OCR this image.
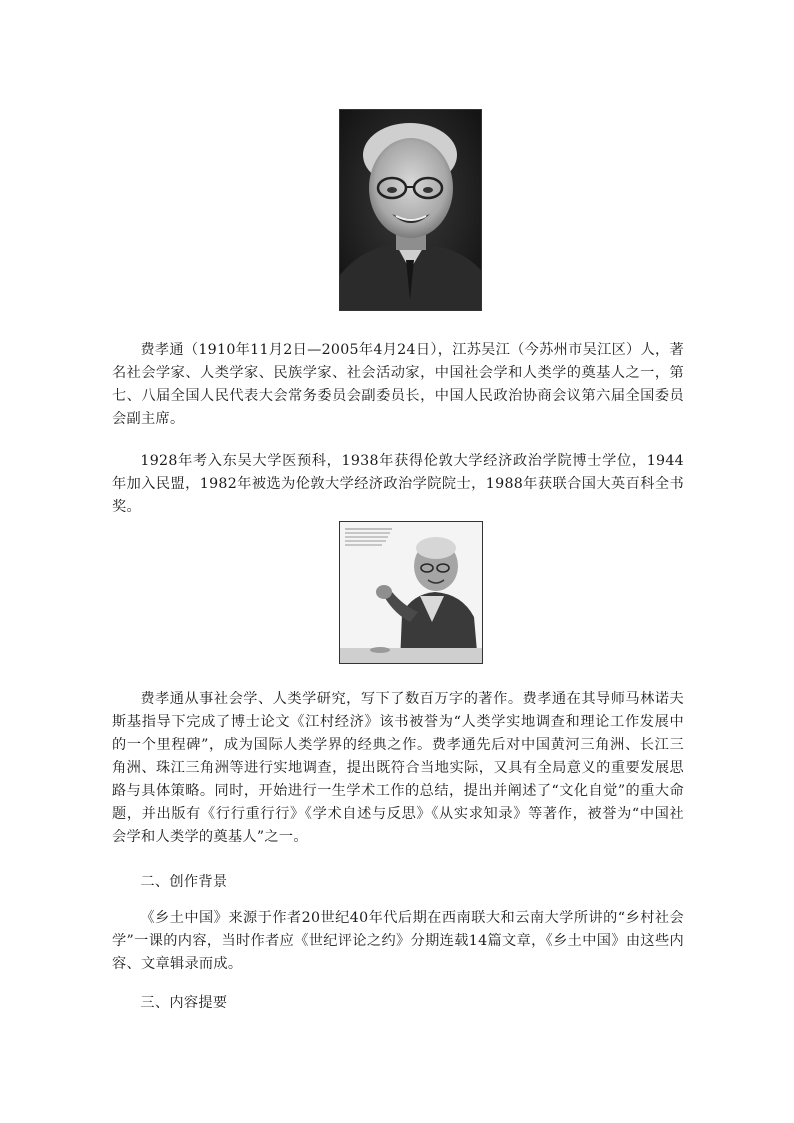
费孝通（1910年11月2日—2005年4月24日），江苏吴江（今苏州市吴江区）人，著名社会学家、人类学家、民族学家、社会活动家，中国社会学和人类学的奠基人之一，第七、八届全国人民代表大会常务委员会副委员长，中国人民政治协商会议第六届全国委员会副主席。

1928年考入东吴大学医预科，1938年获得伦敦大学经济政治学院博士学位，1944年加入民盟，1982年被选为伦敦大学经济政治学院院士，1988年获联合国大英百科全书奖。

费孝通从事社会学、人类学研究，写下了数百万字的著作。费孝通在其导师马林诺夫斯基指导下完成了博士论文《江村经济》该书被誉为“人类学实地调查和理论工作发展中的一个里程碑”，成为国际人类学界的经典之作。费孝通先后对中国黄河三角洲、长江三角洲、珠江三角洲等进行实地调查，提出既符合当地实际，又具有全局意义的重要发展思路与具体策略。同时，开始进行一生学术工作的总结，提出并阐述了“文化自觉”的重大命题，并出版有《行行重行行》《学术自述与反思》《从实求知录》等著作，被誉为“中国社会学和人类学的奠基人”之一。

二、创作背景

《乡土中国》来源于作者20世纪40年代后期在西南联大和云南大学所讲的“乡村社会学”一课的内容，当时作者应《世纪评论之约》分期连载14篇文章，《乡土中国》由这些内容、文章辑录而成。

三、内容提要
